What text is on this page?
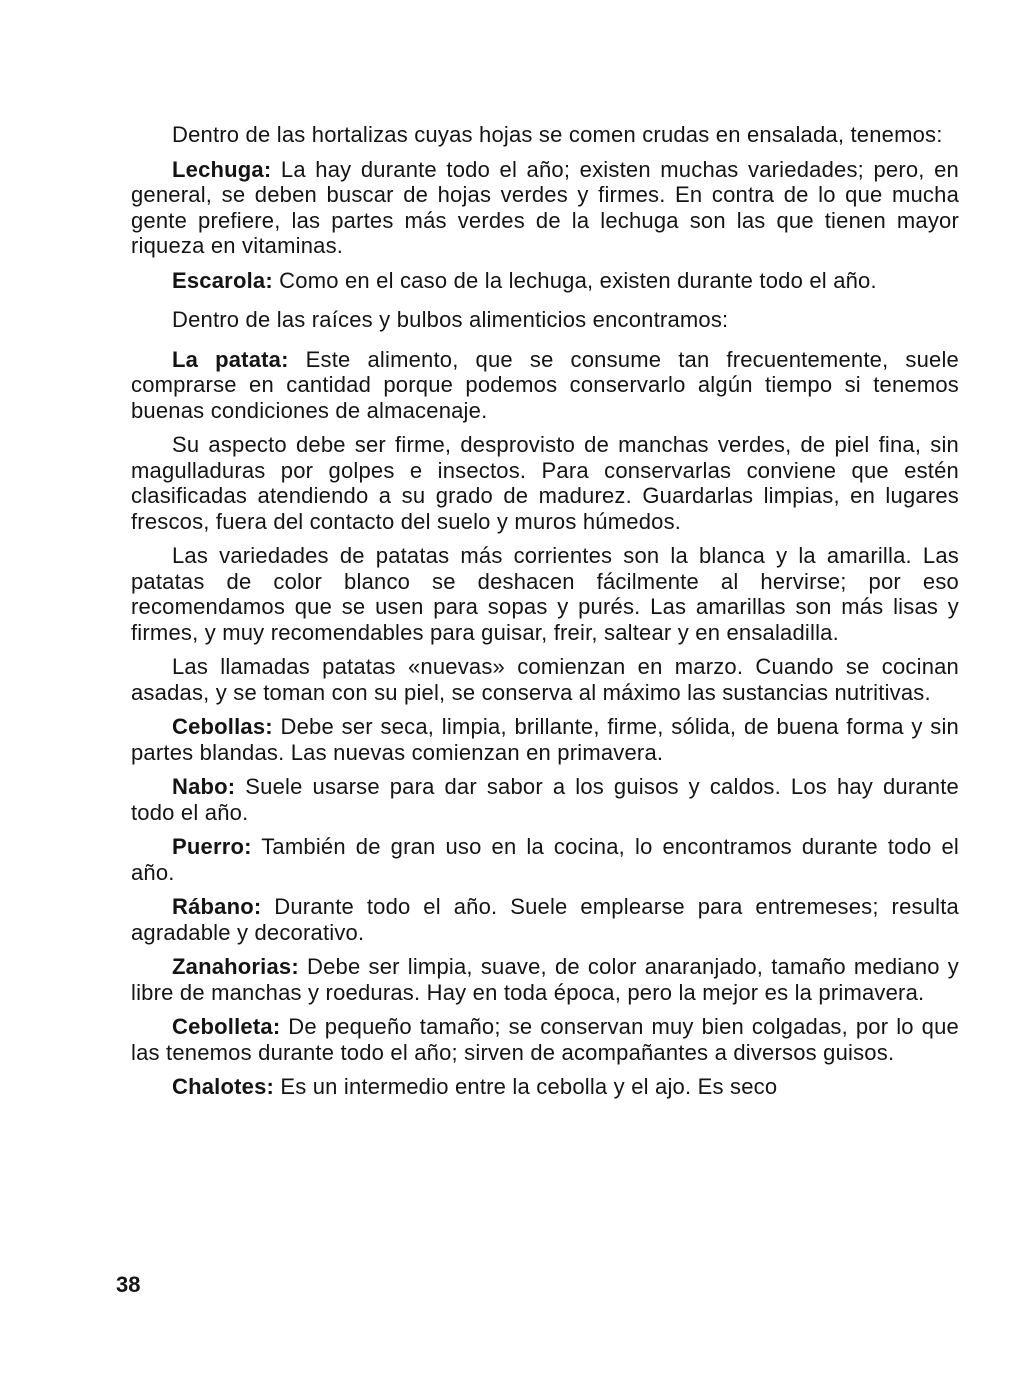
Dentro de las hortalizas cuyas hojas se comen crudas en ensalada, tenemos:

Lechuga: La hay durante todo el año; existen muchas variedades; pero, en general, se deben buscar de hojas verdes y firmes. En contra de lo que mucha gente prefiere, las partes más verdes de la lechuga son las que tienen mayor riqueza en vitaminas.

Escarola: Como en el caso de la lechuga, existen durante todo el año.

Dentro de las raíces y bulbos alimenticios encontramos:

La patata: Este alimento, que se consume tan frecuentemente, suele comprarse en cantidad porque podemos conservarlo algún tiempo si tenemos buenas condiciones de almacenaje.

Su aspecto debe ser firme, desprovisto de manchas verdes, de piel fina, sin magulladuras por golpes e insectos. Para conservarlas conviene que estén clasificadas atendiendo a su grado de madurez. Guardarlas limpias, en lugares frescos, fuera del contacto del suelo y muros húmedos.

Las variedades de patatas más corrientes son la blanca y la amarilla. Las patatas de color blanco se deshacen fácilmente al hervirse; por eso recomendamos que se usen para sopas y purés. Las amarillas son más lisas y firmes, y muy recomendables para guisar, freir, saltear y en ensaladilla.

Las llamadas patatas «nuevas» comienzan en marzo. Cuando se cocinan asadas, y se toman con su piel, se conserva al máximo las sustancias nutritivas.

Cebollas: Debe ser seca, limpia, brillante, firme, sólida, de buena forma y sin partes blandas. Las nuevas comienzan en primavera.

Nabo: Suele usarse para dar sabor a los guisos y caldos. Los hay durante todo el año.

Puerro: También de gran uso en la cocina, lo encontramos durante todo el año.

Rábano: Durante todo el año. Suele emplearse para entremeses; resulta agradable y decorativo.

Zanahorias: Debe ser limpia, suave, de color anaranjado, tamaño mediano y libre de manchas y roeduras. Hay en toda época, pero la mejor es la primavera.

Cebolleta: De pequeño tamaño; se conservan muy bien colgadas, por lo que las tenemos durante todo el año; sirven de acompañantes a diversos guisos.

Chalotes: Es un intermedio entre la cebolla y el ajo. Es seco

38
